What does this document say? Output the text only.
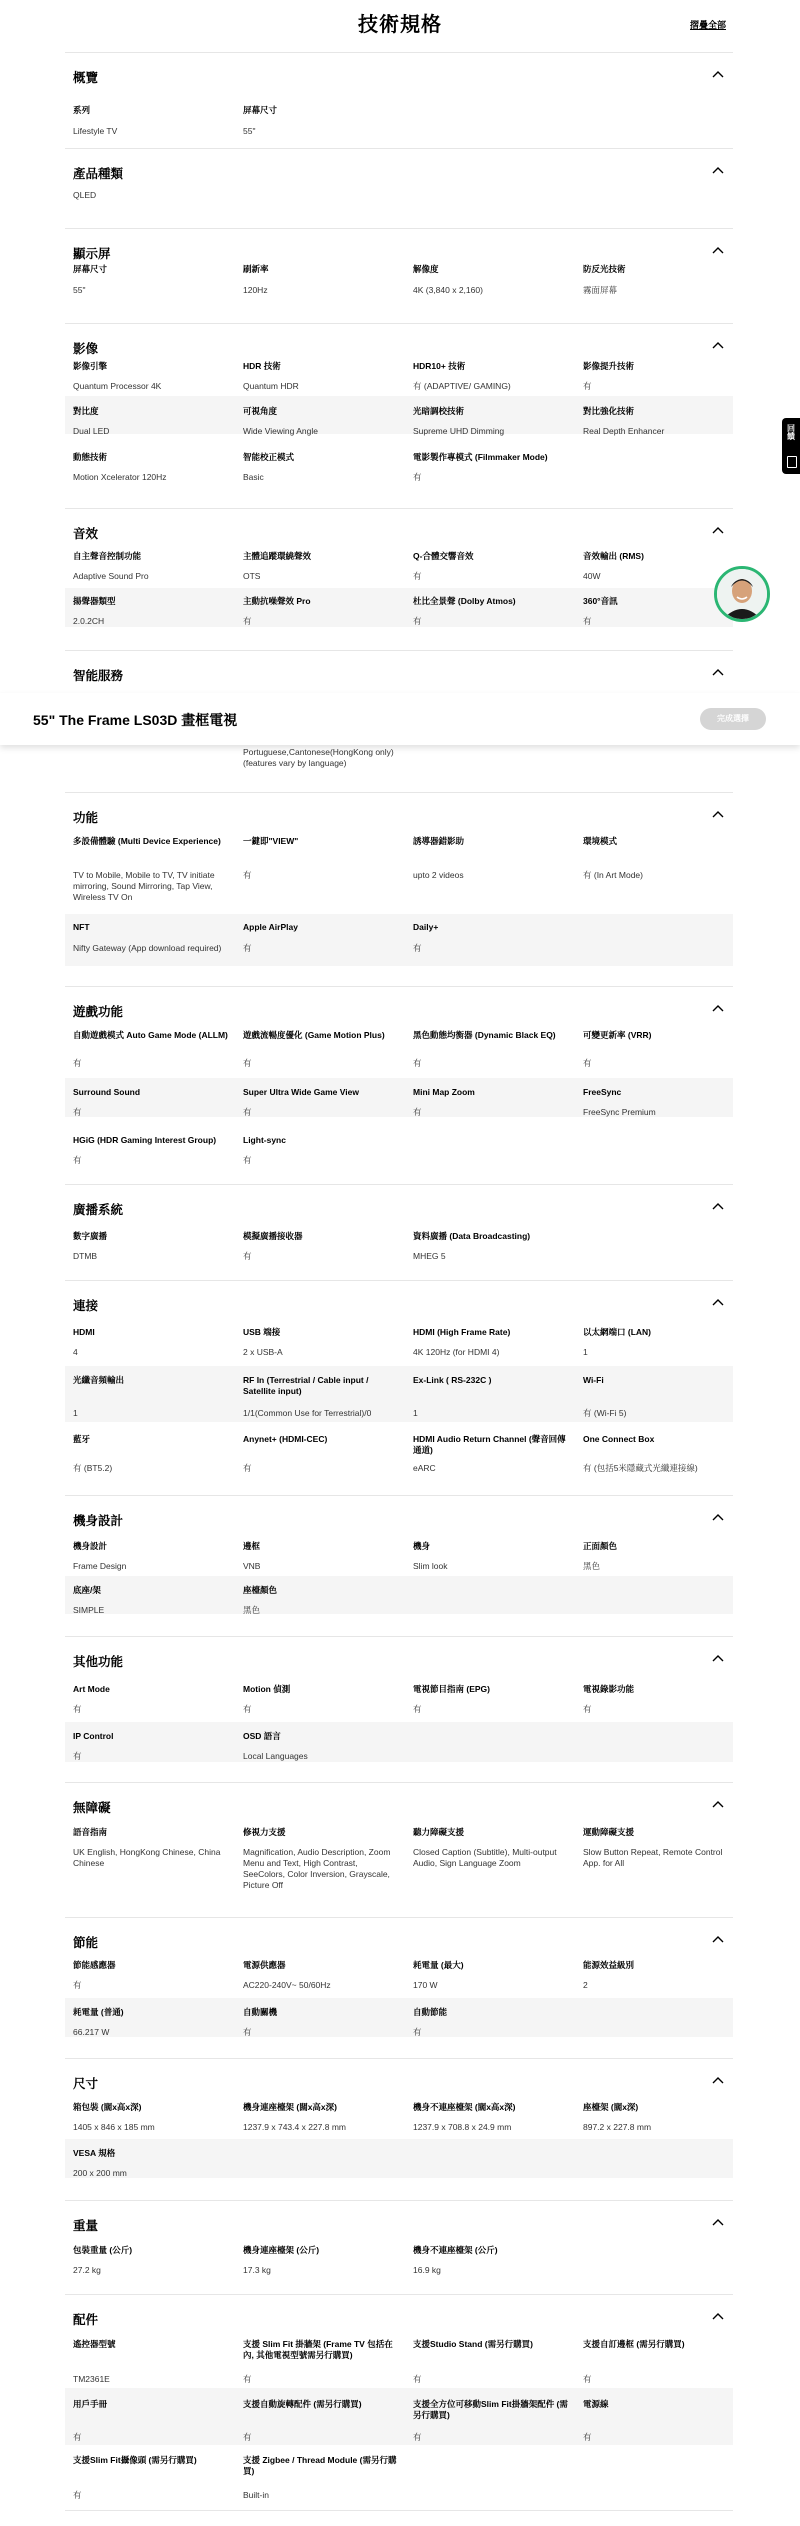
技術規格	摺疊全部
概覽
系列
Lifestyle TV
屏幕尺寸
55"
產品種類
QLED
顯示屏
屏幕尺寸
55"
刷新率
120Hz
解像度
4K (3,840 x 2,160)
防反光技術
霧面屏幕
影像
影像引擎
Quantum Processor 4K
HDR 技術
Quantum HDR
HDR10+ 技術
有 (ADAPTIVE/ GAMING)
影像提升技術
有
對比度
Dual LED
可視角度
Wide Viewing Angle
光暗調校技術
Supreme UHD Dimming
對比強化技術
Real Depth Enhancer
動態技術
Motion Xcelerator 120Hz
智能校正模式
Basic
電影製作專模式 (Filmmaker Mode)
有
音效
自主聲音控制功能
Adaptive Sound Pro
主體追蹤環繞聲效
OTS
Q-合體交響音效
有
音效輸出 (RMS)
40W
揚聲器類型
2.0.2CH
主動抗噪聲效 Pro
有
杜比全景聲 (Dolby Atmos)
有
360°音訊
有
智能服務
Portuguese,Cantonese(HongKong only) (features vary by language)
功能
多設備體驗 (Multi Device Experience)
TV to Mobile, Mobile to TV, TV initiate mirroring, Sound Mirroring, Tap View, Wireless TV On
一鍵即"VIEW"
有
誘導器錯影助
upto 2 videos
環境模式
有 (In Art Mode)
NFT
Nifty Gateway (App download required)
Apple AirPlay
有
Daily+
有
遊戲功能
自動遊戲模式 Auto Game Mode (ALLM)
有
遊戲流暢度優化 (Game Motion Plus)
有
黑色動態均衡器 (Dynamic Black EQ)
有
可變更新率 (VRR)
有
Surround Sound
有
Super Ultra Wide Game View
有
Mini Map Zoom
有
FreeSync
FreeSync Premium
HGiG (HDR Gaming Interest Group)
有
Light-sync
有
廣播系統
數字廣播
DTMB
模擬廣播接收器
有
資料廣播 (Data Broadcasting)
MHEG 5
連接
HDMI
4
USB 端接
2 x USB-A
HDMI (High Frame Rate)
4K 120Hz (for HDMI 4)
以太網端口 (LAN)
1
光纖音頻輸出
1
RF In (Terrestrial / Cable input / Satellite input)
1/1(Common Use for Terrestrial)/0
Ex-Link ( RS-232C )
1
Wi-Fi
有 (Wi-Fi 5)
藍牙
有 (BT5.2)
Anynet+ (HDMI-CEC)
有
HDMI Audio Return Channel (聲音回傳通道)
eARC
One Connect Box
有 (包括5米隱藏式光纖連接線)
機身設計
機身設計
Frame Design
邊框
VNB
機身
Slim look
正面顏色
黑色
底座/架
SIMPLE
座檯顏色
黑色
其他功能
Art Mode
有
Motion 偵測
有
電視節目指南 (EPG)
有
電視錄影功能
有
IP Control
有
OSD 語言
Local Languages
無障礙
語音指南
UK English, HongKong Chinese, China Chinese
修視力支援
Magnification, Audio Description, Zoom Menu and Text, High Contrast, SeeColors, Color Inversion, Grayscale, Picture Off
聽力障礙支援
Closed Caption (Subtitle), Multi-output Audio, Sign Language Zoom
運動障礙支援
Slow Button Repeat, Remote Control App. for All
節能
節能感應器
有
電源供應器
AC220-240V~ 50/60Hz
耗電量 (最大)
170 W
能源效益級別
2
耗電量 (普通)
66.217 W
自動關機
有
自動節能
有
尺寸
箱包裝 (闊x高x深)
1405 x 846 x 185 mm
機身連座檯架 (闊x高x深)
1237.9 x 743.4 x 227.8 mm
機身不連座檯架 (闊x高x深)
1237.9 x 708.8 x 24.9 mm
座檯架 (闊x深)
897.2 x 227.8 mm
VESA 規格
200 x 200 mm
重量
包裝重量 (公斤)
27.2 kg
機身連座檯架 (公斤)
17.3 kg
機身不連座檯架 (公斤)
16.9 kg
配件
遙控器型號
TM2361E
支援 Slim Fit 掛牆架 (Frame TV 包括在內, 其他電視型號需另行購買)
有
支援Studio Stand (需另行購買)
有
支援自訂邊框 (需另行購買)
有
用戶手冊
有
支援自動旋轉配件 (需另行購買)
有
支援全方位可移動Slim Fit掛牆架配件 (需另行購買)
有
電源線
有
支援Slim Fit攝像頭 (需另行購買)
有
支援 Zigbee / Thread Module (需另行購買)
Built-in
55" The Frame LS03D 畫框電視	完成選擇
回饋
